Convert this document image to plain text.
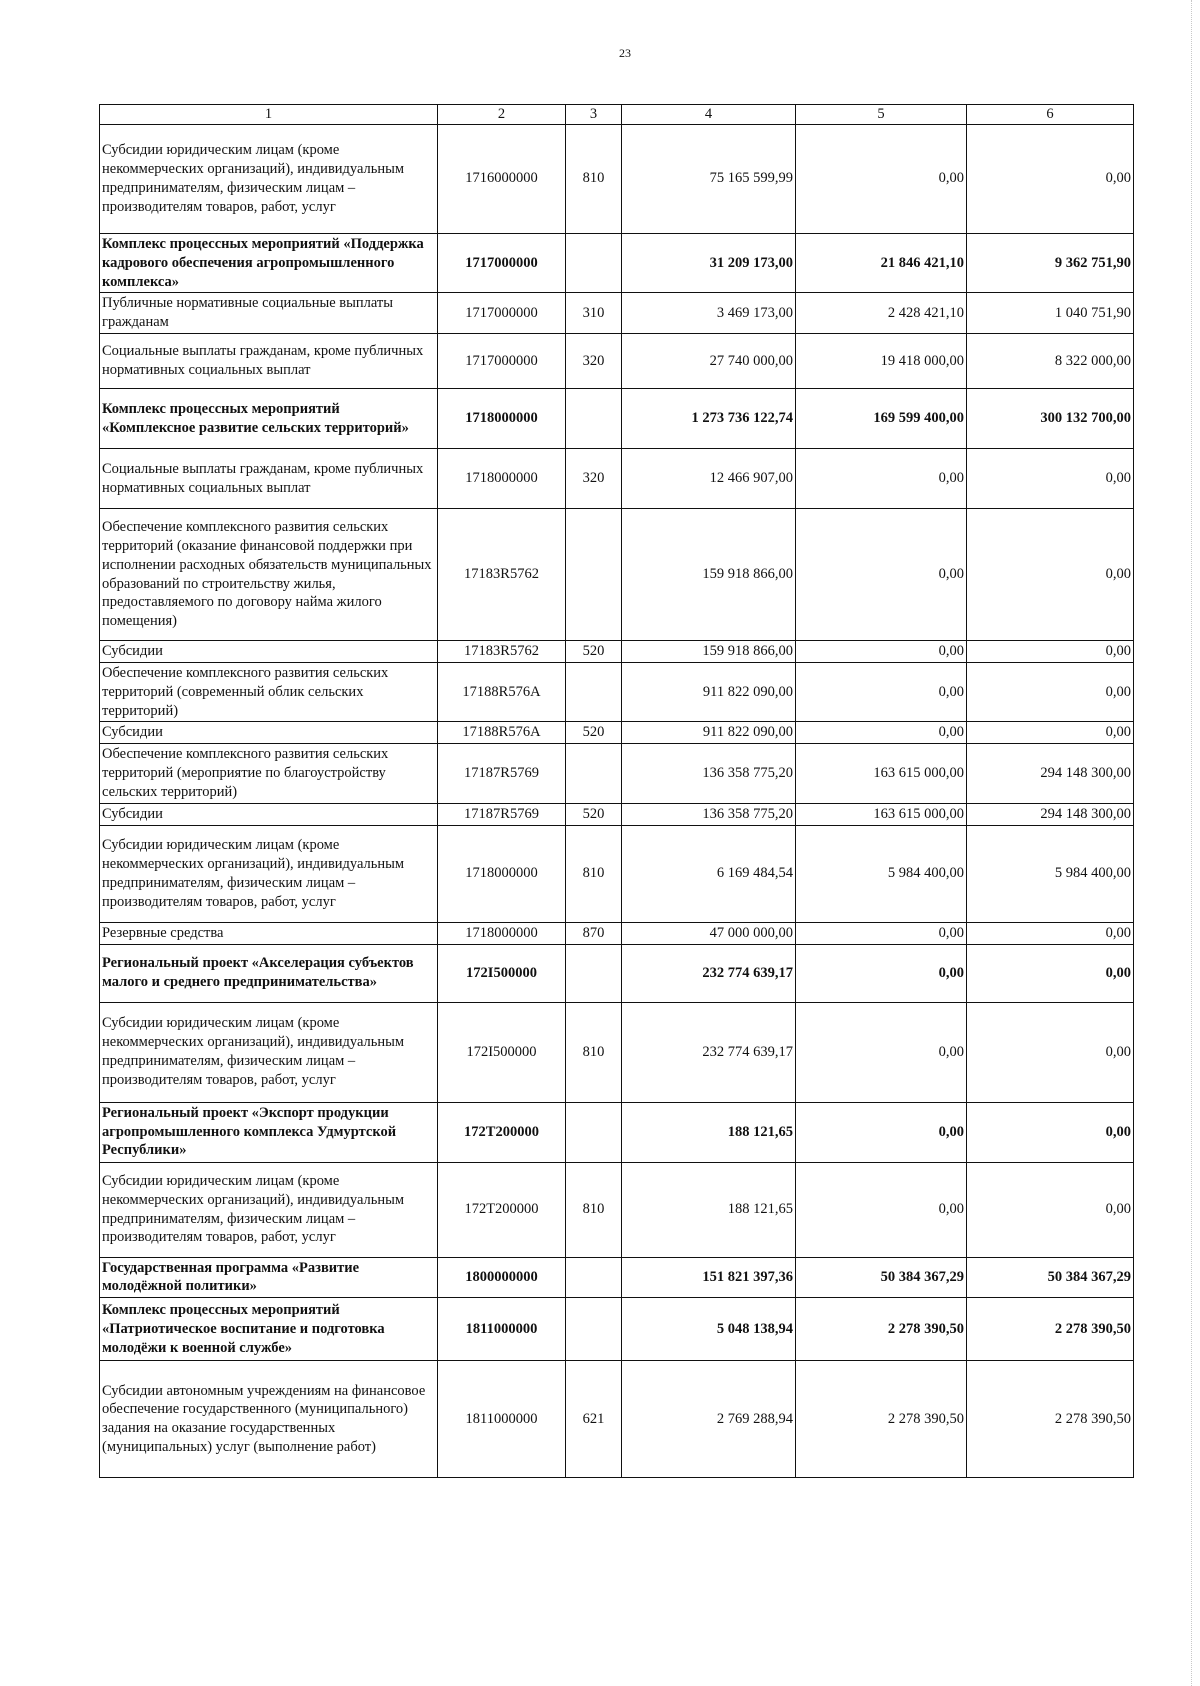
23
1	2	3	4	5	6
Субсидии юридическим лицам (кроме некоммерческих организаций), индивидуальным предпринимателям, физическим лицам – производителям товаров, работ, услуг	1716000000	810	75 165 599,99	0,00	0,00
Комплекс процессных мероприятий «Поддержка кадрового обеспечения агропромышленного комплекса»	1717000000		31 209 173,00	21 846 421,10	9 362 751,90
Публичные нормативные социальные выплаты гражданам	1717000000	310	3 469 173,00	2 428 421,10	1 040 751,90
Социальные выплаты гражданам, кроме публичных нормативных социальных выплат	1717000000	320	27 740 000,00	19 418 000,00	8 322 000,00
Комплекс процессных мероприятий «Комплексное развитие сельских территорий»	1718000000		1 273 736 122,74	169 599 400,00	300 132 700,00
Социальные выплаты гражданам, кроме публичных нормативных социальных выплат	1718000000	320	12 466 907,00	0,00	0,00
Обеспечение комплексного развития сельских территорий (оказание финансовой поддержки при исполнении расходных обязательств муниципальных образований по строительству жилья, предоставляемого по договору найма жилого помещения)	17183R5762		159 918 866,00	0,00	0,00
Субсидии	17183R5762	520	159 918 866,00	0,00	0,00
Обеспечение комплексного развития сельских территорий (современный облик сельских территорий)	17188R576A		911 822 090,00	0,00	0,00
Субсидии	17188R576A	520	911 822 090,00	0,00	0,00
Обеспечение комплексного развития сельских территорий (мероприятие по благоустройству сельских территорий)	17187R5769		136 358 775,20	163 615 000,00	294 148 300,00
Субсидии	17187R5769	520	136 358 775,20	163 615 000,00	294 148 300,00
Субсидии юридическим лицам (кроме некоммерческих организаций), индивидуальным предпринимателям, физическим лицам – производителям товаров, работ, услуг	1718000000	810	6 169 484,54	5 984 400,00	5 984 400,00
Резервные средства	1718000000	870	47 000 000,00	0,00	0,00
Региональный проект «Акселерация субъектов малого и среднего предпринимательства»	172I500000		232 774 639,17	0,00	0,00
Субсидии юридическим лицам (кроме некоммерческих организаций), индивидуальным предпринимателям, физическим лицам – производителям товаров, работ, услуг	172I500000	810	232 774 639,17	0,00	0,00
Региональный проект «Экспорт продукции агропромышленного комплекса Удмуртской Республики»	172T200000		188 121,65	0,00	0,00
Субсидии юридическим лицам (кроме некоммерческих организаций), индивидуальным предпринимателям, физическим лицам – производителям товаров, работ, услуг	172T200000	810	188 121,65	0,00	0,00
Государственная программа «Развитие молодёжной политики»	1800000000		151 821 397,36	50 384 367,29	50 384 367,29
Комплекс процессных мероприятий «Патриотическое воспитание и подготовка молодёжи к военной службе»	1811000000		5 048 138,94	2 278 390,50	2 278 390,50
Субсидии автономным учреждениям на финансовое обеспечение государственного (муниципального) задания на оказание государственных (муниципальных) услуг (выполнение работ)	1811000000	621	2 769 288,94	2 278 390,50	2 278 390,50
